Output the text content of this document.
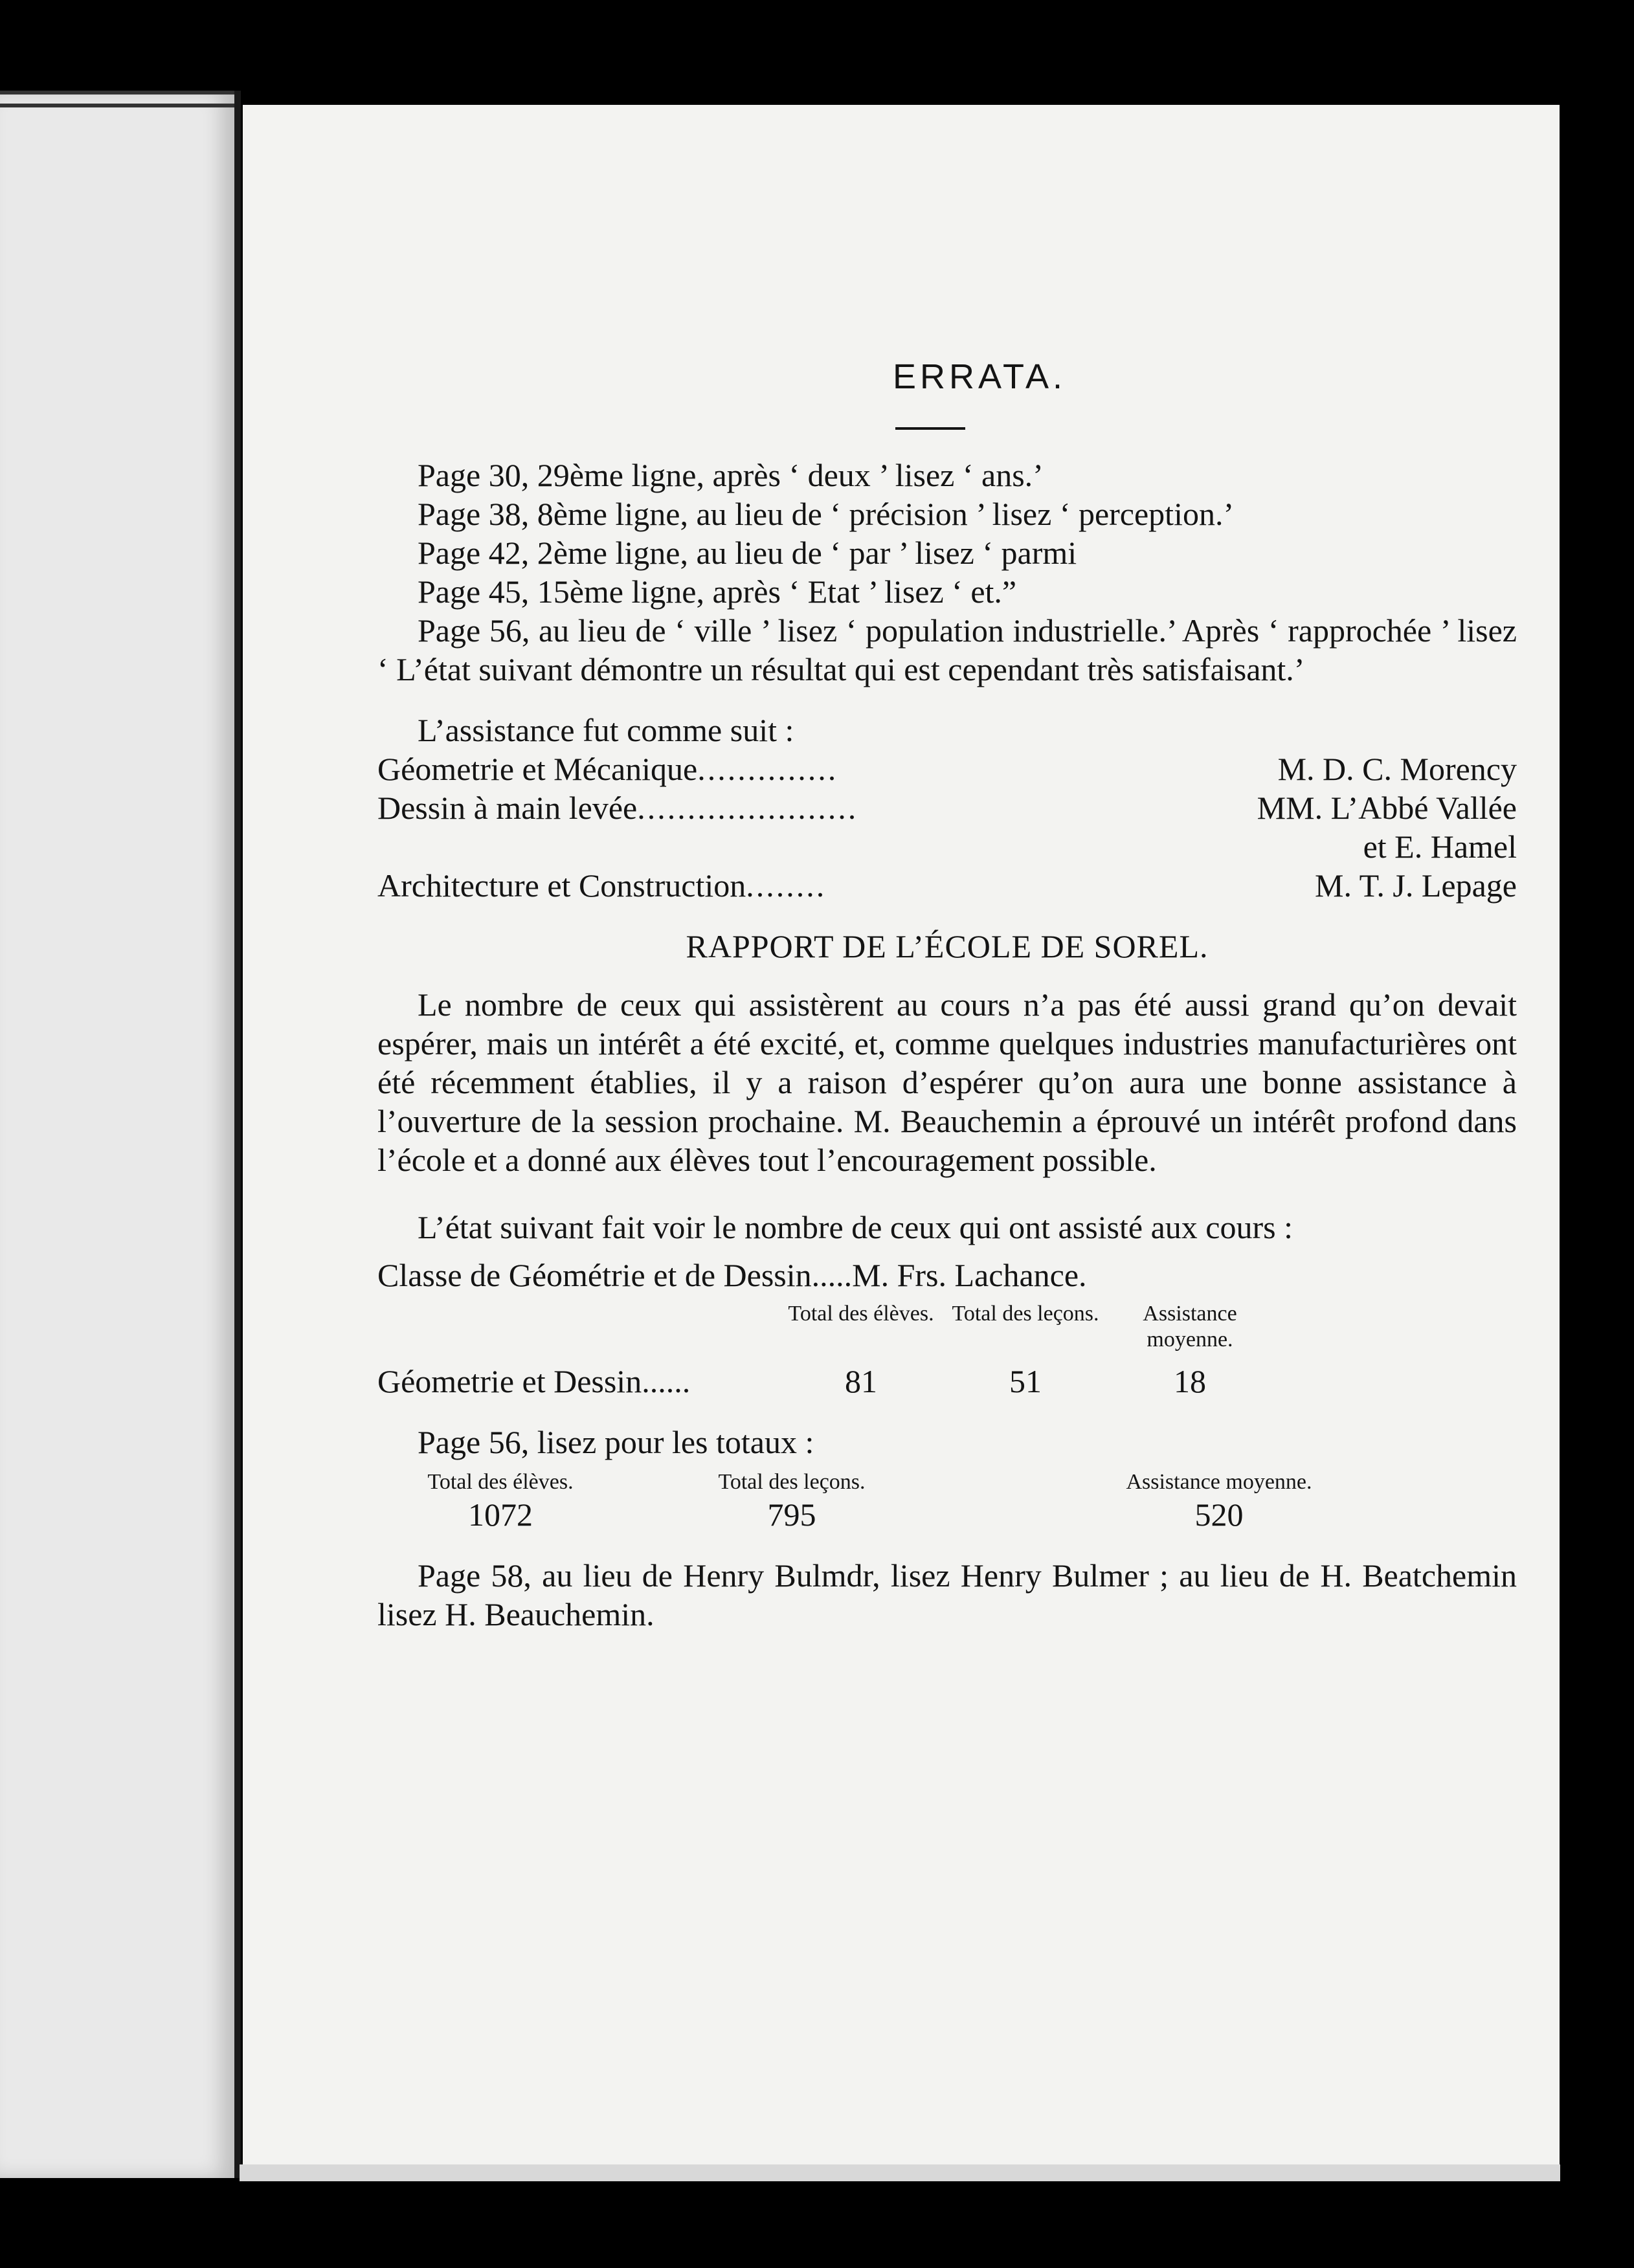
ERRATA.

Page 30, 29ème ligne, après ‘ deux ’ lisez ‘ ans.’

Page 38, 8ème ligne, au lieu de ‘ précision ’ lisez ‘ perception.’

Page 42, 2ème ligne, au lieu de ‘ par ’ lisez ‘ parmi

Page 45, 15ème ligne, après ‘ Etat ’ lisez ‘ et.”

Page 56, au lieu de ‘ ville ’ lisez ‘ population industrielle.’ Après ‘ rapprochée ’ lisez ‘ L’état suivant démontre un résultat qui est cependant très satisfaisant.’

L’assistance fut comme suit :

Géometrie et Mécanique ..............	M. D. C. Morency
Dessin à main levée ......................	MM. L’Abbé Vallée
et E. Hamel
Architecture et Construction ........	M. T. J. Lepage
RAPPORT DE L’ÉCOLE DE SOREL.

Le nombre de ceux qui assistèrent au cours n’a pas été aussi grand qu’on devait espérer, mais un intérêt a été excité, et, comme quelques industries manufacturières ont été récemment établies, il y a raison d’espérer qu’on aura une bonne assistance à l’ouverture de la session prochaine. M. Beauchemin a éprouvé un intérêt profond dans l’école et a donné aux élèves tout l’encouragement possible.

L’état suivant fait voir le nombre de ceux qui ont assisté aux cours :

Classe de Géométrie et de Dessin ..... M. Frs. Lachance.
Total des élèves. Total des leçons.	Assistance moyenne.
Géometrie et Dessin......	81	51	18

Page 56, lisez pour les totaux :

Total des élèves.	Total des leçons.	Assistance moyenne.
1072	795	520

Page 58, au lieu de Henry Bulmdr, lisez Henry Bulmer ; au lieu de H. Beatchemin lisez H. Beauchemin.
